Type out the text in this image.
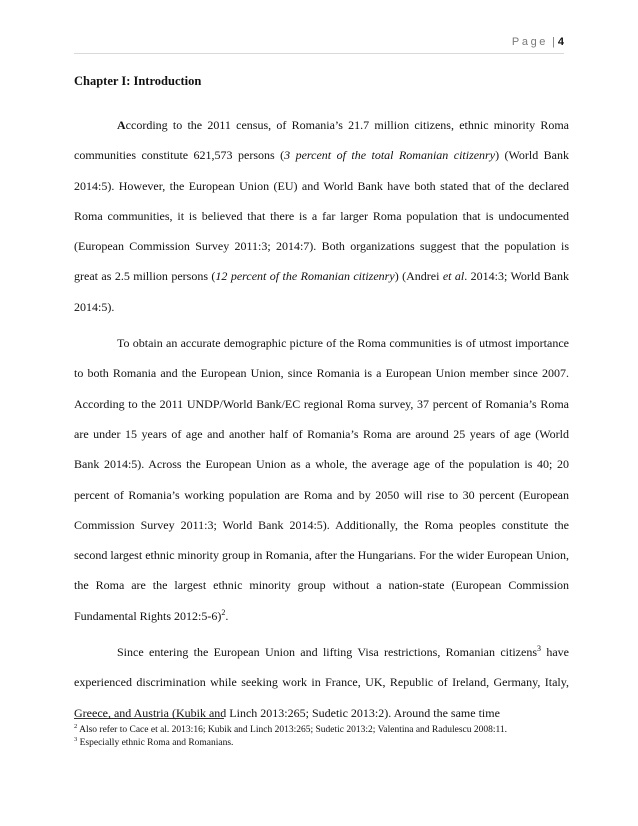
Page | 4
Chapter I: Introduction

According to the 2011 census, of Romania’s 21.7 million citizens, ethnic minority Roma communities constitute 621,573 persons (3 percent of the total Romanian citizenry) (World Bank 2014:5). However, the European Union (EU) and World Bank have both stated that of the declared Roma communities, it is believed that there is a far larger Roma population that is undocumented (European Commission Survey 2011:3; 2014:7). Both organizations suggest that the population is great as 2.5 million persons (12 percent of the Romanian citizenry) (Andrei et al. 2014:3; World Bank 2014:5).

To obtain an accurate demographic picture of the Roma communities is of utmost importance to both Romania and the European Union, since Romania is a European Union member since 2007. According to the 2011 UNDP/World Bank/EC regional Roma survey, 37 percent of Romania’s Roma are under 15 years of age and another half of Romania’s Roma are around 25 years of age (World Bank 2014:5). Across the European Union as a whole, the average age of the population is 40; 20 percent of Romania’s working population are Roma and by 2050 will rise to 30 percent (European Commission Survey 2011:3; World Bank 2014:5). Additionally, the Roma peoples constitute the second largest ethnic minority group in Romania, after the Hungarians. For the wider European Union, the Roma are the largest ethnic minority group without a nation-state (European Commission Fundamental Rights 2012:5-6)$^2$.

Since entering the European Union and lifting Visa restrictions, Romanian citizens$^3$ have experienced discrimination while seeking work in France, UK, Republic of Ireland, Germany, Italy, Greece, and Austria (Kubik and Linch 2013:265; Sudetic 2013:2). Around the same time

$^2$ Also refer to Cace et al. 2013:16; Kubik and Linch 2013:265; Sudetic 2013:2; Valentina and Radulescu 2008:11.

$^3$ Especially ethnic Roma and Romanians.
